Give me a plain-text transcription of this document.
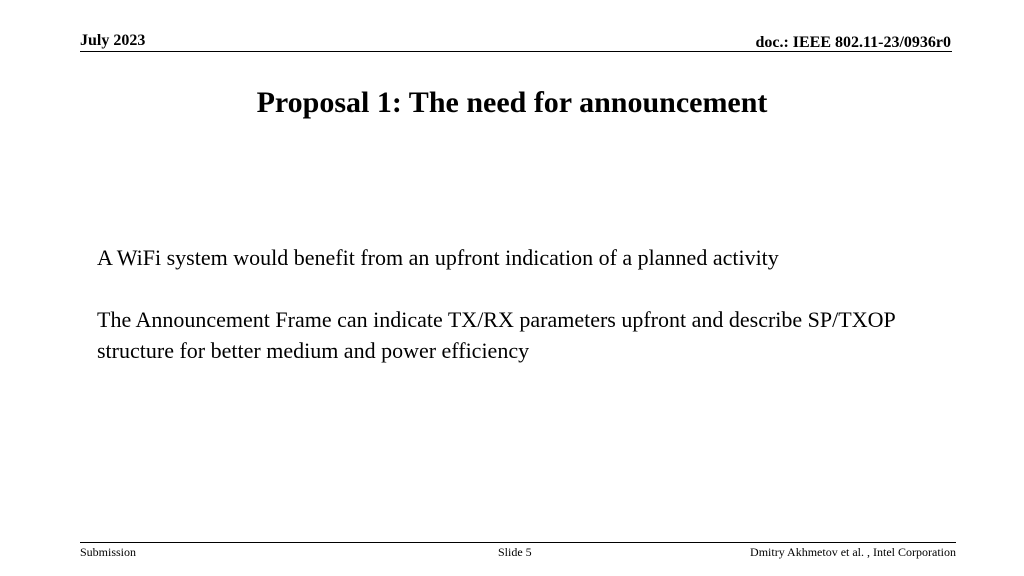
July 2023	doc.: IEEE 802.11-23/0936r0
Proposal 1: The need for announcement

A WiFi system would benefit from an upfront indication of a planned activity

The Announcement Frame can indicate TX/RX parameters upfront and describe SP/TXOP structure for better medium and power efficiency

Submission	Slide 5	Dmitry Akhmetov et al. , Intel Corporation
